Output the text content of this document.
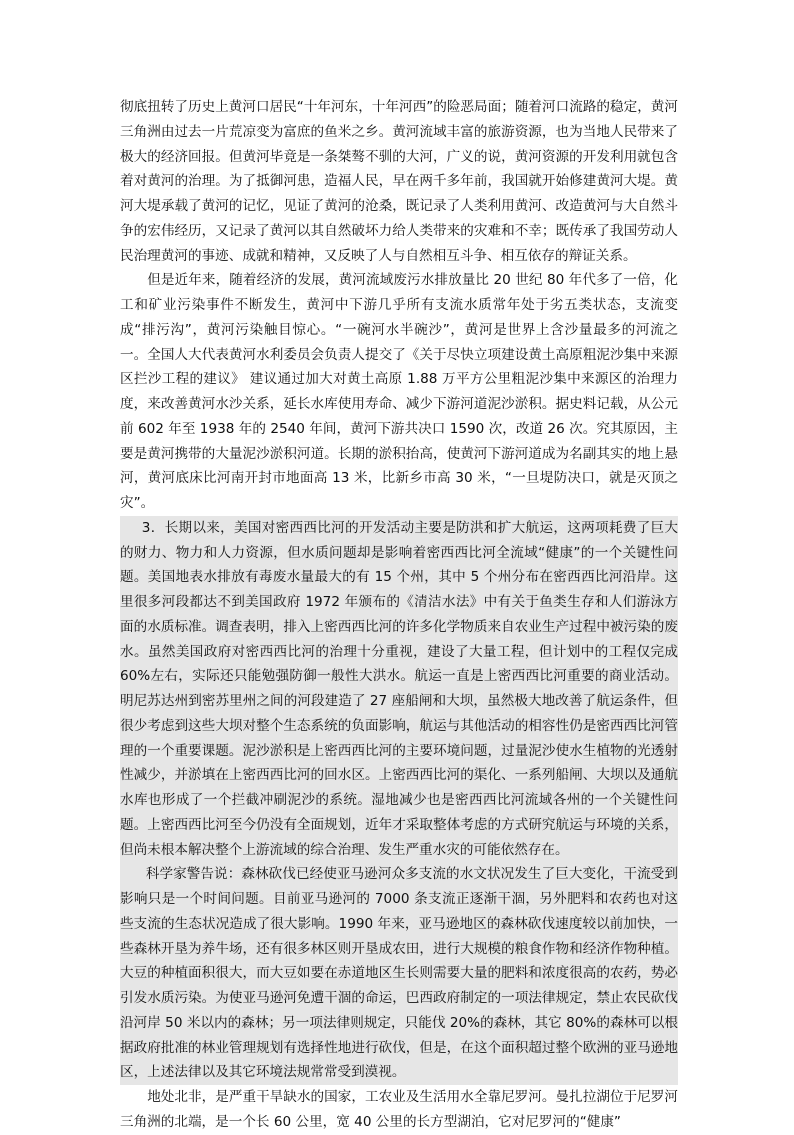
彻底扭转了历史上黄河口居民“十年河东，十年河西”的险恶局面；随着河口流路的稳定，黄河三角洲由过去一片荒凉变为富庶的鱼米之乡。黄河流域丰富的旅游资源，也为当地人民带来了极大的经济回报。但黄河毕竟是一条桀骜不驯的大河，广义的说，黄河资源的开发利用就包含着对黄河的治理。为了抵御河患，造福人民，早在两千多年前，我国就开始修建黄河大堤。黄河大堤承载了黄河的记忆，见证了黄河的沧桑，既记录了人类利用黄河、改造黄河与大自然斗争的宏伟经历，又记录了黄河以其自然破坏力给人类带来的灾难和不幸；既传承了我国劳动人民治理黄河的事迹、成就和精神，又反映了人与自然相互斗争、相互依存的辩证关系。

但是近年来，随着经济的发展，黄河流域废污水排放量比 20 世纪 80 年代多了一倍，化工和矿业污染事件不断发生，黄河中下游几乎所有支流水质常年处于劣五类状态，支流变成“排污沟”，黄河污染触目惊心。“一碗河水半碗沙”，黄河是世界上含沙量最多的河流之一。全国人大代表黄河水利委员会负责人提交了《关于尽快立项建设黄土高原粗泥沙集中来源区拦沙工程的建议》 建议通过加大对黄土高原 1.88 万平方公里粗泥沙集中来源区的治理力度，来改善黄河水沙关系，延长水库使用寿命、减少下游河道泥沙淤积。据史料记载，从公元前 602 年至 1938 年的 2540 年间，黄河下游共决口 1590 次，改道 26 次。究其原因，主要是黄河携带的大量泥沙淤积河道。长期的淤积抬高，使黄河下游河道成为名副其实的地上悬河，黄河底床比河南开封市地面高 13 米，比新乡市高 30 米，“一旦堤防决口，就是灭顶之灾”。

3．长期以来，美国对密西西比河的开发活动主要是防洪和扩大航运，这两项耗费了巨大的财力、物力和人力资源，但水质问题却是影响着密西西比河全流域“健康”的一个关键性问题。美国地表水排放有毒废水量最大的有 15 个州，其中 5 个州分布在密西西比河沿岸。这里很多河段都达不到美国政府 1972 年颁布的《清洁水法》中有关于鱼类生存和人们游泳方面的水质标准。调查表明，排入上密西西比河的许多化学物质来自农业生产过程中被污染的废水。虽然美国政府对密西西比河的治理十分重视，建设了大量工程，但计划中的工程仅完成 60%左右，实际还只能勉强防御一般性大洪水。航运一直是上密西西比河重要的商业活动。明尼苏达州到密苏里州之间的河段建造了 27 座船闸和大坝，虽然极大地改善了航运条件，但很少考虑到这些大坝对整个生态系统的负面影响，航运与其他活动的相容性仍是密西西比河管理的一个重要课题。泥沙淤积是上密西西比河的主要环境问题，过量泥沙使水生植物的光透射性减少，并淤填在上密西西比河的回水区。上密西西比河的渠化、一系列船闸、大坝以及通航水库也形成了一个拦截冲刷泥沙的系统。湿地减少也是密西西比河流域各州的一个关键性问题。上密西西比河至今仍没有全面规划，近年才采取整体考虑的方式研究航运与环境的关系，但尚未根本解决整个上游流域的综合治理、发生严重水灾的可能依然存在。

科学家警告说：森林砍伐已经使亚马逊河众多支流的水文状况发生了巨大变化，干流受到影响只是一个时间问题。目前亚马逊河的 7000 条支流正逐渐干涸，另外肥料和农药也对这些支流的生态状况造成了很大影响。1990 年来，亚马逊地区的森林砍伐速度较以前加快，一些森林开垦为养牛场，还有很多林区则开垦成农田，进行大规模的粮食作物和经济作物种植。大豆的种植面积很大，而大豆如要在赤道地区生长则需要大量的肥料和浓度很高的农药，势必引发水质污染。为使亚马逊河免遭干涸的命运，巴西政府制定的一项法律规定，禁止农民砍伐沿河岸 50 米以内的森林；另一项法律则规定，只能伐 20%的森林，其它 80%的森林可以根据政府批准的林业管理规划有选择性地进行砍伐，但是，在这个面积超过整个欧洲的亚马逊地区，上述法律以及其它环境法规常常受到漠视。

地处北非，是严重干旱缺水的国家，工农业及生活用水全靠尼罗河。曼扎拉湖位于尼罗河三角洲的北端，是一个长 60 公里，宽 40 公里的长方型湖泊，它对尼罗河的“健康”
